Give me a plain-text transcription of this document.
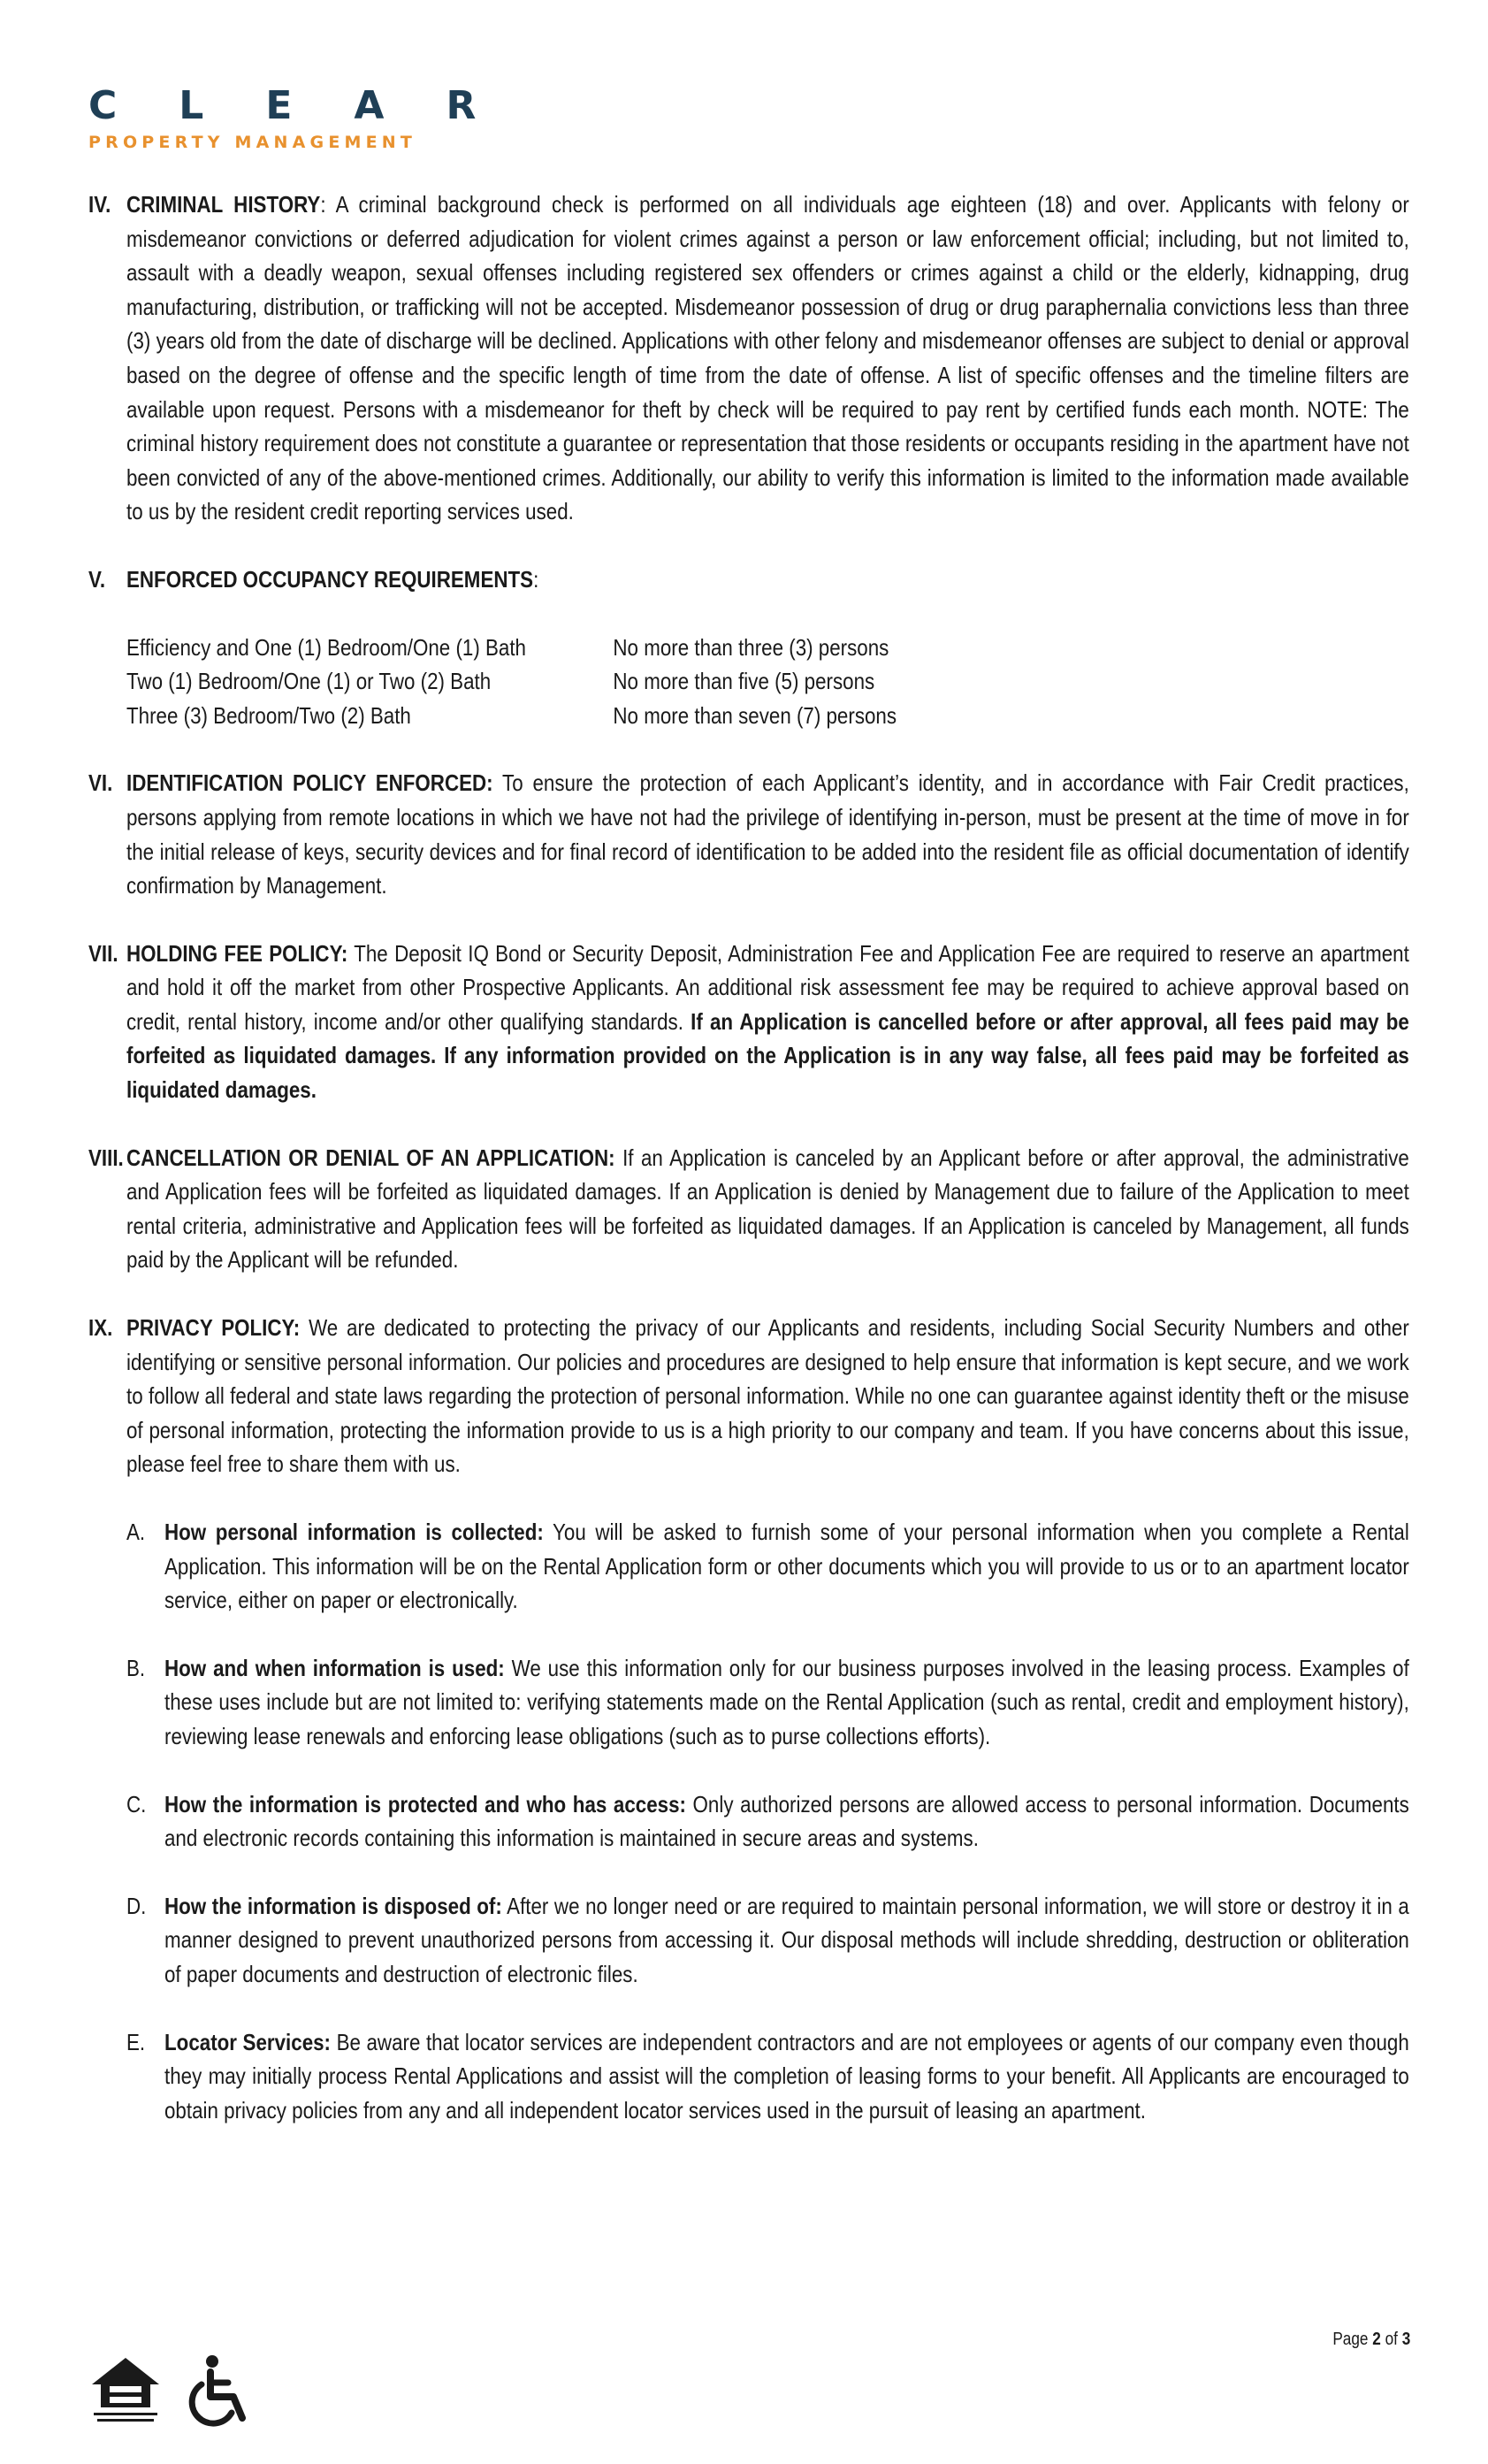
CLEAR
PROPERTY MANAGEMENT
IV. CRIMINAL HISTORY: A criminal background check is performed on all individuals age eighteen (18) and over. Applicants with felony or misdemeanor convictions or deferred adjudication for violent crimes against a person or law enforcement official; including, but not limited to, assault with a deadly weapon, sexual offenses including registered sex offenders or crimes against a child or the elderly, kidnapping, drug manufacturing, distribution, or trafficking will not be accepted. Misdemeanor possession of drug or drug paraphernalia convictions less than three (3) years old from the date of discharge will be declined. Applications with other felony and misdemeanor offenses are subject to denial or approval based on the degree of offense and the specific length of time from the date of offense. A list of specific offenses and the timeline filters are available upon request. Persons with a misdemeanor for theft by check will be required to pay rent by certified funds each month. NOTE: The criminal history requirement does not constitute a guarantee or representation that those residents or occupants residing in the apartment have not been convicted of any of the above-mentioned crimes. Additionally, our ability to verify this information is limited to the information made available to us by the resident credit reporting services used.
V. ENFORCED OCCUPANCY REQUIREMENTS:
Efficiency and One (1) Bedroom/One (1) Bath	No more than three (3) persons
Two (1) Bedroom/One (1) or Two (2) Bath	No more than five (5) persons
Three (3) Bedroom/Two (2) Bath	No more than seven (7) persons
VI. IDENTIFICATION POLICY ENFORCED: To ensure the protection of each Applicant’s identity, and in accordance with Fair Credit practices, persons applying from remote locations in which we have not had the privilege of identifying in-person, must be present at the time of move in for the initial release of keys, security devices and for final record of identification to be added into the resident file as official documentation of identify confirmation by Management.
VII. HOLDING FEE POLICY: The Deposit IQ Bond or Security Deposit, Administration Fee and Application Fee are required to reserve an apartment and hold it off the market from other Prospective Applicants. An additional risk assessment fee may be required to achieve approval based on credit, rental history, income and/or other qualifying standards. If an Application is cancelled before or after approval, all fees paid may be forfeited as liquidated damages. If any information provided on the Application is in any way false, all fees paid may be forfeited as liquidated damages.
VIII. CANCELLATION OR DENIAL OF AN APPLICATION: If an Application is canceled by an Applicant before or after approval, the administrative and Application fees will be forfeited as liquidated damages. If an Application is denied by Management due to failure of the Application to meet rental criteria, administrative and Application fees will be forfeited as liquidated damages. If an Application is canceled by Management, all funds paid by the Applicant will be refunded.
IX. PRIVACY POLICY: We are dedicated to protecting the privacy of our Applicants and residents, including Social Security Numbers and other identifying or sensitive personal information. Our policies and procedures are designed to help ensure that information is kept secure, and we work to follow all federal and state laws regarding the protection of personal information. While no one can guarantee against identity theft or the misuse of personal information, protecting the information provide to us is a high priority to our company and team. If you have concerns about this issue, please feel free to share them with us.
A. How personal information is collected: You will be asked to furnish some of your personal information when you complete a Rental Application. This information will be on the Rental Application form or other documents which you will provide to us or to an apartment locator service, either on paper or electronically.
B. How and when information is used: We use this information only for our business purposes involved in the leasing process. Examples of these uses include but are not limited to: verifying statements made on the Rental Application (such as rental, credit and employment history), reviewing lease renewals and enforcing lease obligations (such as to purse collections efforts).
C. How the information is protected and who has access: Only authorized persons are allowed access to personal information. Documents and electronic records containing this information is maintained in secure areas and systems.
D. How the information is disposed of: After we no longer need or are required to maintain personal information, we will store or destroy it in a manner designed to prevent unauthorized persons from accessing it. Our disposal methods will include shredding, destruction or obliteration of paper documents and destruction of electronic files.
E. Locator Services: Be aware that locator services are independent contractors and are not employees or agents of our company even though they may initially process Rental Applications and assist will the completion of leasing forms to your benefit. All Applicants are encouraged to obtain privacy policies from any and all independent locator services used in the pursuit of leasing an apartment.
Page 2 of 3
